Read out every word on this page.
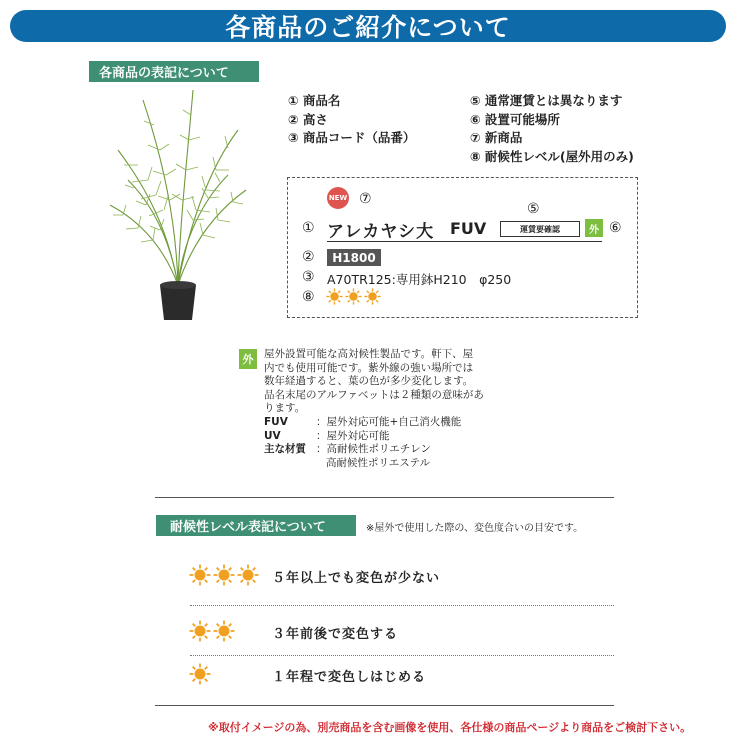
各商品のご紹介について
各商品の表記について
① 商品名
② 高さ
③ 商品コード（品番）
⑤ 通常運賃とは異なります
⑥ 設置可能場所
⑦ 新商品
⑧ 耐候性レベル(屋外用のみ)
NEW ⑦
⑤
① アレカヤシ大 FUV	運賃要確認	外 ⑥
② H1800
③ A70TR125:専用鉢H210　φ250
⑧
外 屋外設置可能な高対候性製品です。軒下、屋
内でも使用可能です。紫外線の強い場所では
数年経過すると、葉の色が多少変化します。
品名末尾のアルファベットは２種類の意味があ
ります。
FUV	：屋外対応可能+自己消火機能
UV	：屋外対応可能
主な材質 ：高耐候性ポリエチレン
高耐候性ポリエステル
耐候性レベル表記について	※屋外で使用した際の、変色度合いの目安です。
５年以上でも変色が少ない
３年前後で変色する
１年程で変色しはじめる
※取付イメージの為、別売商品を含む画像を使用、各仕様の商品ページより商品をご検討下さい。
